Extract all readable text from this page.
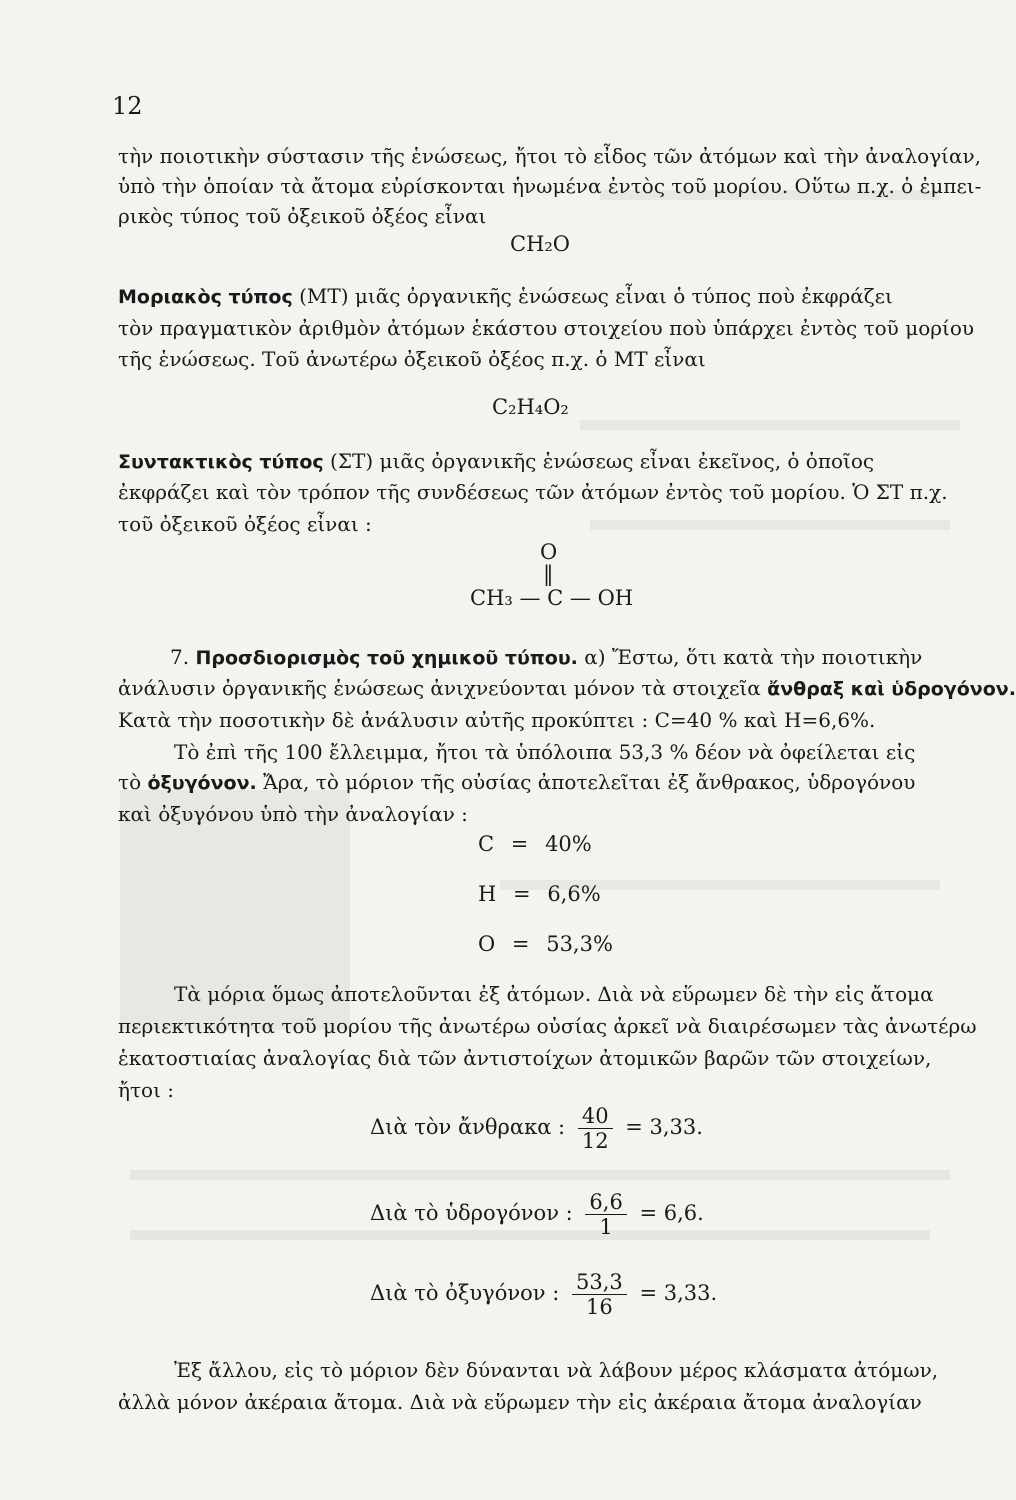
12
τὴν ποιοτικὴν σύστασιν τῆς ἑνώσεως, ἤτοι τὸ εἶδος τῶν ἀτόμων καὶ τὴν ἀναλογίαν,
ὑπὸ τὴν ὁποίαν τὰ ἄτομα εὑρίσκονται ἡνωμένα ἐντὸς τοῦ μορίου. Οὕτω π.χ. ὁ ἐμπει-
ρικὸς τύπος τοῦ ὀξεικοῦ ὀξέος εἶναι
CH₂O
Μοριακὸς τύπος (ΜΤ) μιᾶς ὀργανικῆς ἑνώσεως εἶναι ὁ τύπος ποὺ ἐκφράζει
τὸν πραγματικὸν ἀριθμὸν ἀτόμων ἑκάστου στοιχείου ποὺ ὑπάρχει ἐντὸς τοῦ μορίου
τῆς ἑνώσεως. Τοῦ ἀνωτέρω ὀξεικοῦ ὀξέος π.χ. ὁ ΜΤ εἶναι
C₂H₄O₂
Συντακτικὸς τύπος (ΣΤ) μιᾶς ὀργανικῆς ἑνώσεως εἶναι ἐκεῖνος, ὁ ὁποῖος
ἐκφράζει καὶ τὸν τρόπον τῆς συνδέσεως τῶν ἀτόμων ἐντὸς τοῦ μορίου. Ὁ ΣΤ π.χ.
τοῦ ὀξεικοῦ ὀξέος εἶναι :
O
‖
CH₃ — C — OH
7. Προσδιορισμὸς τοῦ χημικοῦ τύπου. α) Ἔστω, ὅτι κατὰ τὴν ποιοτικὴν
ἀνάλυσιν ὀργανικῆς ἑνώσεως ἀνιχνεύονται μόνον τὰ στοιχεῖα ἄνθραξ καὶ ὑδρογόνον.
Κατὰ τὴν ποσοτικὴν δὲ ἀνάλυσιν αὐτῆς προκύπτει : C=40 % καὶ H=6,6%.
Τὸ ἐπὶ τῆς 100 ἔλλειμμα, ἤτοι τὰ ὑπόλοιπα 53,3 % δέον νὰ ὀφείλεται εἰς
τὸ ὀξυγόνον. Ἄρα, τὸ μόριον τῆς οὐσίας ἀποτελεῖται ἐξ ἄνθρακος, ὑδρογόνου
καὶ ὀξυγόνου ὑπὸ τὴν ἀναλογίαν :
C = 40%
H = 6,6%
O = 53,3%
Τὰ μόρια ὅμως ἀποτελοῦνται ἐξ ἀτόμων. Διὰ νὰ εὕρωμεν δὲ τὴν εἰς ἄτομα
περιεκτικότητα τοῦ μορίου τῆς ἀνωτέρω οὐσίας ἀρκεῖ νὰ διαιρέσωμεν τὰς ἀνωτέρω
ἑκατοστιαίας ἀναλογίας διὰ τῶν ἀντιστοίχων ἀτομικῶν βαρῶν τῶν στοιχείων,
ἤτοι :
Διὰ τὸν ἄνθρακα : $\frac{40}{12} = 3,33$.
Διὰ τὸ ὑδρογόνον : $\frac{6,6}{1} = 6,6$.
Διὰ τὸ ὀξυγόνον : $\frac{53,3}{16} = 3,33$.
Ἐξ ἄλλου, εἰς τὸ μόριον δὲν δύνανται νὰ λάβουν μέρος κλάσματα ἀτόμων,
ἀλλὰ μόνον ἀκέραια ἄτομα. Διὰ νὰ εὕρωμεν τὴν εἰς ἀκέραια ἄτομα ἀναλογίαν
